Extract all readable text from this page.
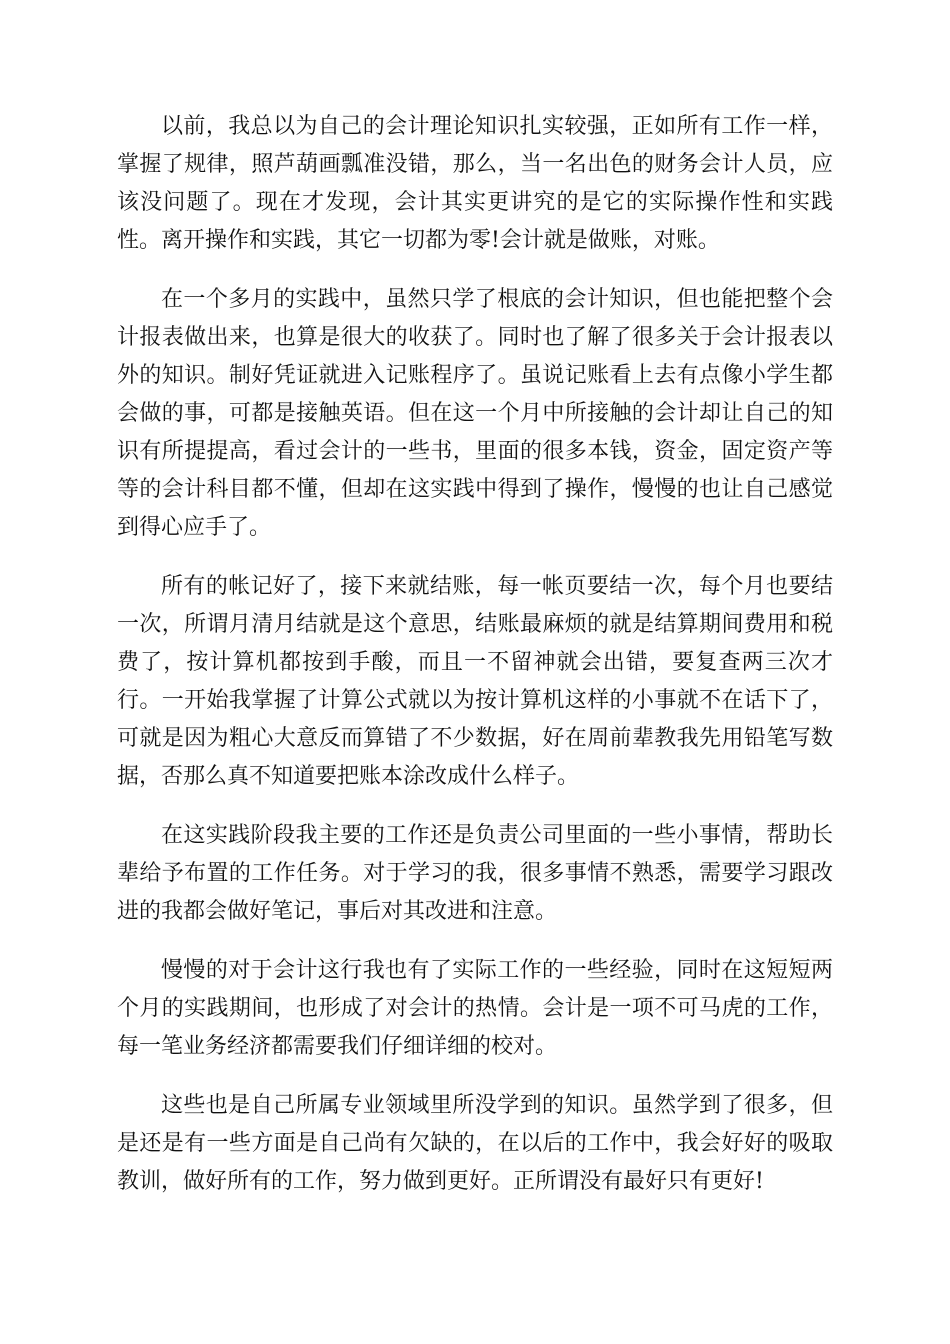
以前，我总以为自己的会计理论知识扎实较强，正如所有工作一样，掌握了规律，照芦葫画瓢准没错，那么，当一名出色的财务会计人员，应该没问题了。现在才发现，会计其实更讲究的是它的实际操作性和实践性。离开操作和实践，其它一切都为零!会计就是做账，对账。

在一个多月的实践中，虽然只学了根底的会计知识，但也能把整个会计报表做出来，也算是很大的收获了。同时也了解了很多关于会计报表以外的知识。制好凭证就进入记账程序了。虽说记账看上去有点像小学生都会做的事，可都是接触英语。但在这一个月中所接触的会计却让自己的知识有所提提高，看过会计的一些书，里面的很多本钱，资金，固定资产等等的会计科目都不懂，但却在这实践中得到了操作，慢慢的也让自己感觉到得心应手了。

所有的帐记好了，接下来就结账，每一帐页要结一次，每个月也要结一次，所谓月清月结就是这个意思，结账最麻烦的就是结算期间费用和税费了，按计算机都按到手酸，而且一不留神就会出错，要复查两三次才行。一开始我掌握了计算公式就以为按计算机这样的小事就不在话下了，可就是因为粗心大意反而算错了不少数据，好在周前辈教我先用铅笔写数据，否那么真不知道要把账本涂改成什么样子。

在这实践阶段我主要的工作还是负责公司里面的一些小事情，帮助长辈给予布置的工作任务。对于学习的我，很多事情不熟悉，需要学习跟改进的我都会做好笔记，事后对其改进和注意。

慢慢的对于会计这行我也有了实际工作的一些经验，同时在这短短两个月的实践期间，也形成了对会计的热情。会计是一项不可马虎的工作，每一笔业务经济都需要我们仔细详细的校对。

这些也是自己所属专业领域里所没学到的知识。虽然学到了很多，但是还是有一些方面是自己尚有欠缺的，在以后的工作中，我会好好的吸取教训，做好所有的工作，努力做到更好。正所谓没有最好只有更好!
